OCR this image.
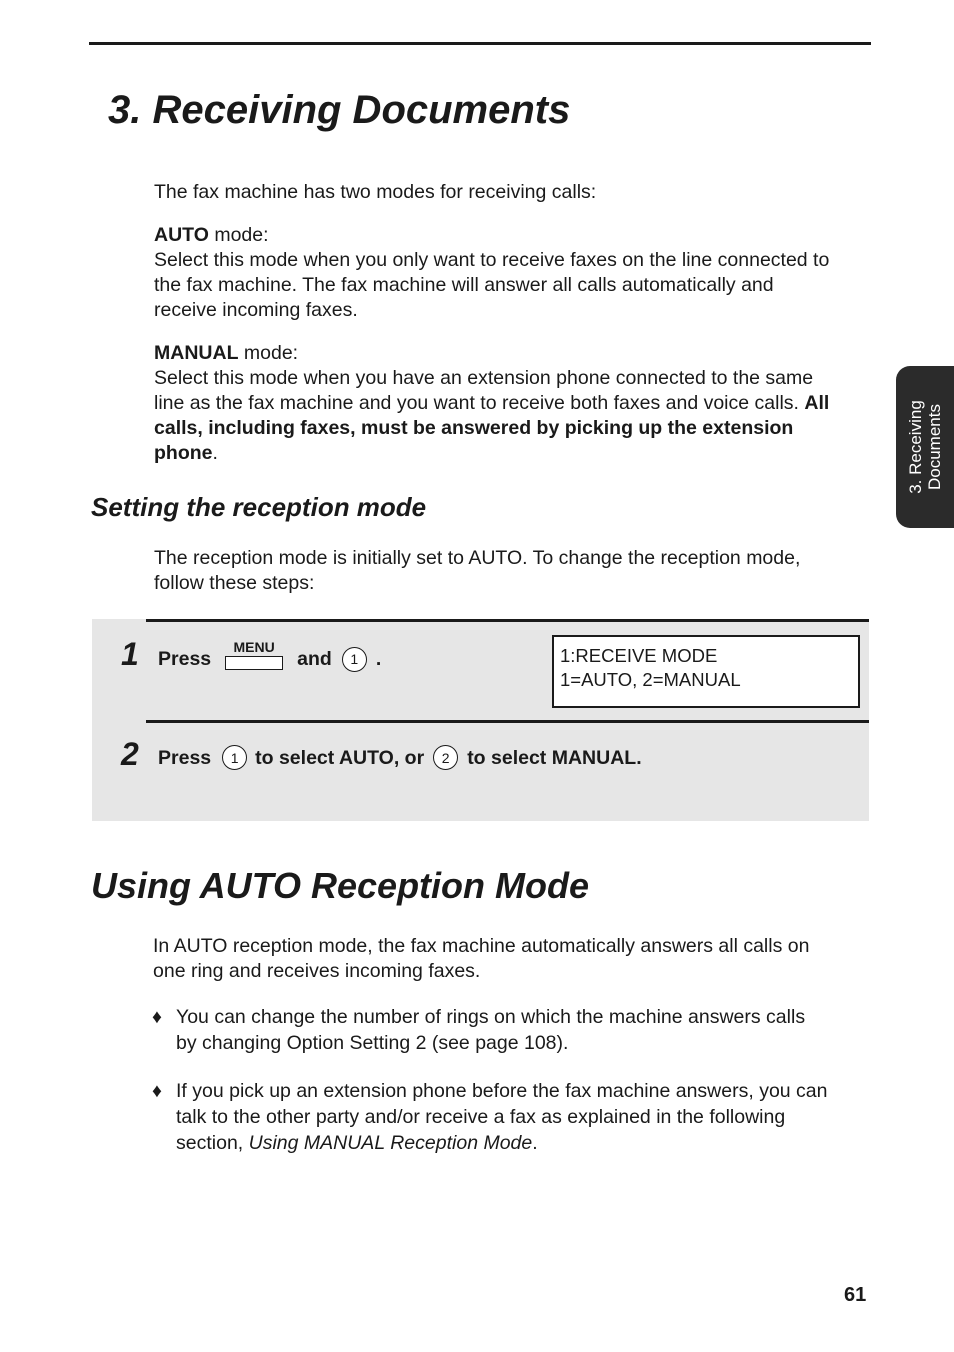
3. Receiving Documents

The fax machine has two modes for receiving calls:

AUTO mode:

Select this mode when you only want to receive faxes on the line connected to

the fax machine. The fax machine will answer all calls automatically and

receive incoming faxes.

MANUAL mode:

Select this mode when you have an extension phone connected to the same

line as the fax machine and you want to receive both faxes and voice calls. All

calls, including faxes, must be answered by picking up the extension

phone.	3. Receiving Documents
Setting the reception mode

The reception mode is initially set to AUTO. To change the reception mode,

follow these steps:

1 Press
MENU
and	1 .	1:RECEIVE MODE
1=AUTO, 2=MANUAL
2 Press	1 to select AUTO, or	2 to select MANUAL.
Using AUTO Reception Mode

In AUTO reception mode, the fax machine automatically answers all calls on

one ring and receives incoming faxes.

♦ You can change the number of rings on which the machine answers calls

by changing Option Setting 2 (see page 108).

♦ If you pick up an extension phone before the fax machine answers, you can

talk to the other party and/or receive a fax as explained in the following

section, Using MANUAL Reception Mode.

61
